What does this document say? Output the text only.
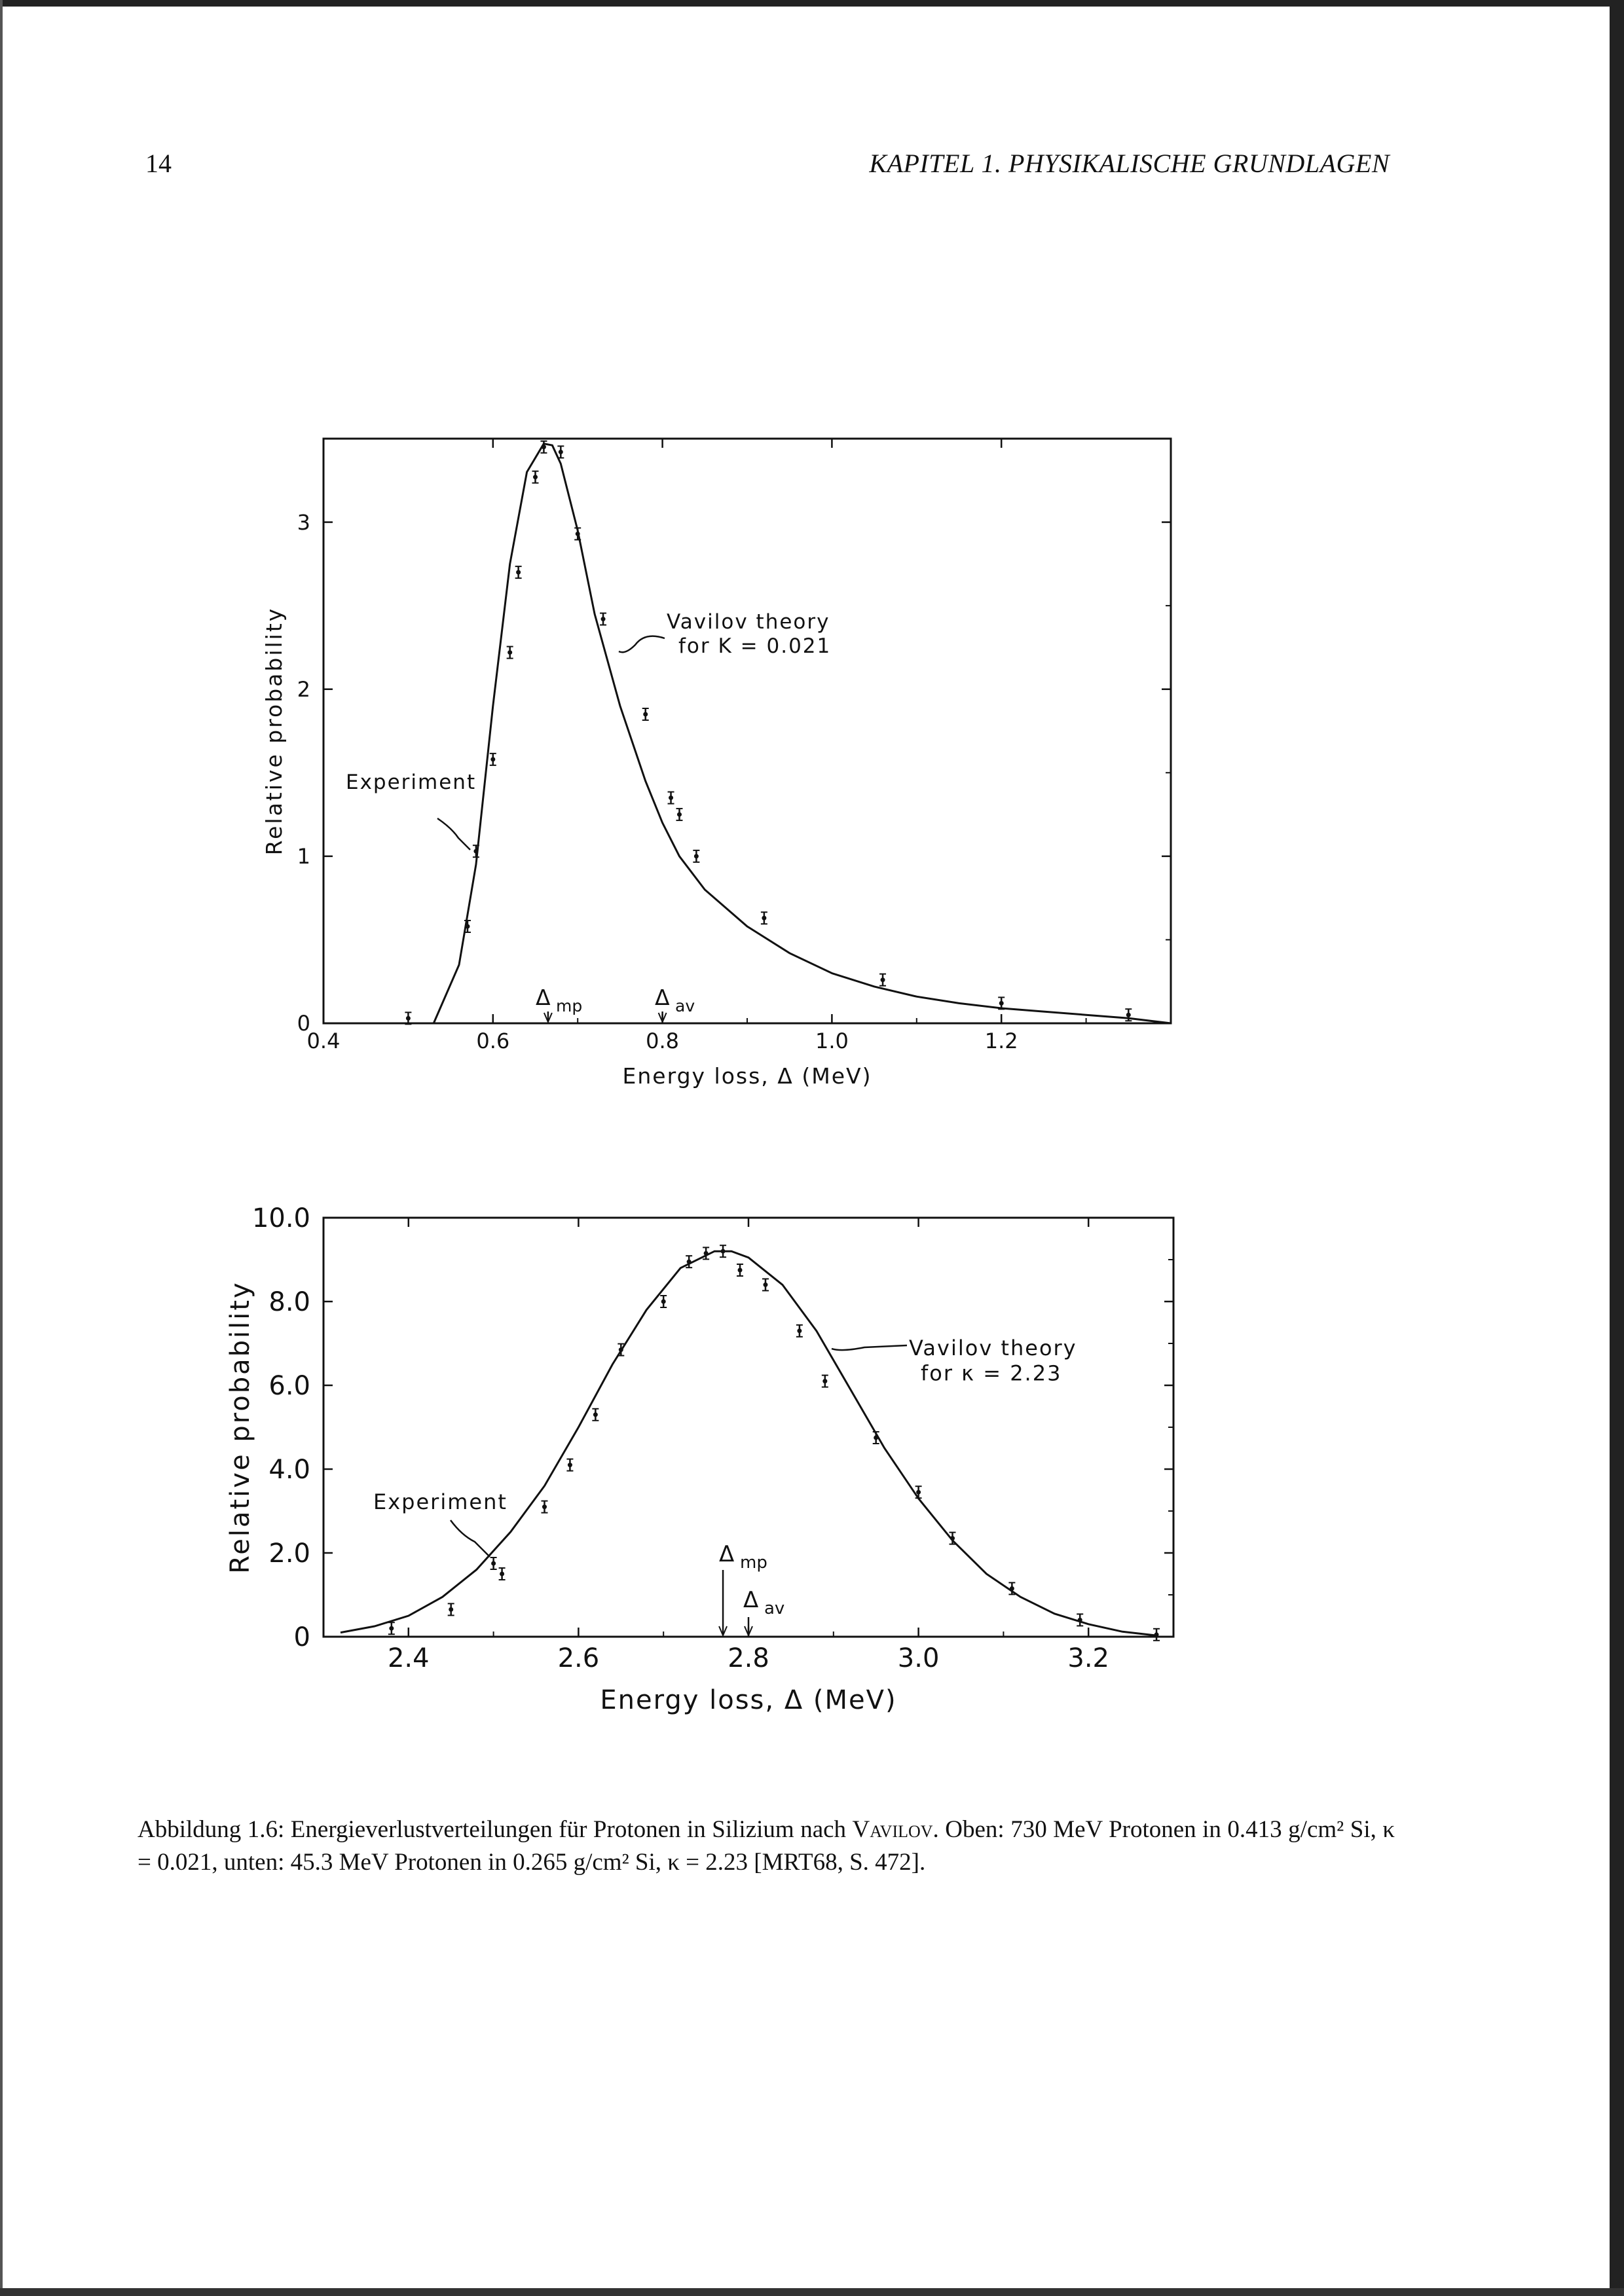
14	KAPITEL 1. PHYSIKALISCHE GRUNDLAGEN
0.4	0.6	0.8	1.0	1.2
0
1
2
3
Energy loss, Δ (MeV)
Relative probability	Vavilov theory
for K = 0.021
Experiment
Δ mp	Δ av
2.4	2.6	2.8	3.0	3.2
0
2.0
4.0
6.0
8.0
10.0
Energy loss, Δ (MeV)
Relative probability	Vavilov theory
for κ = 2.23
Experiment
Δ mp
Δ av
Abbildung 1.6: Energieverlustverteilungen für Protonen in Silizium nach Vavilov. Oben: 730 MeV Protonen in 0.413 g/cm² Si, κ = 0.021, unten: 45.3 MeV Protonen in 0.265 g/cm² Si, κ = 2.23 [MRT68, S. 472].
